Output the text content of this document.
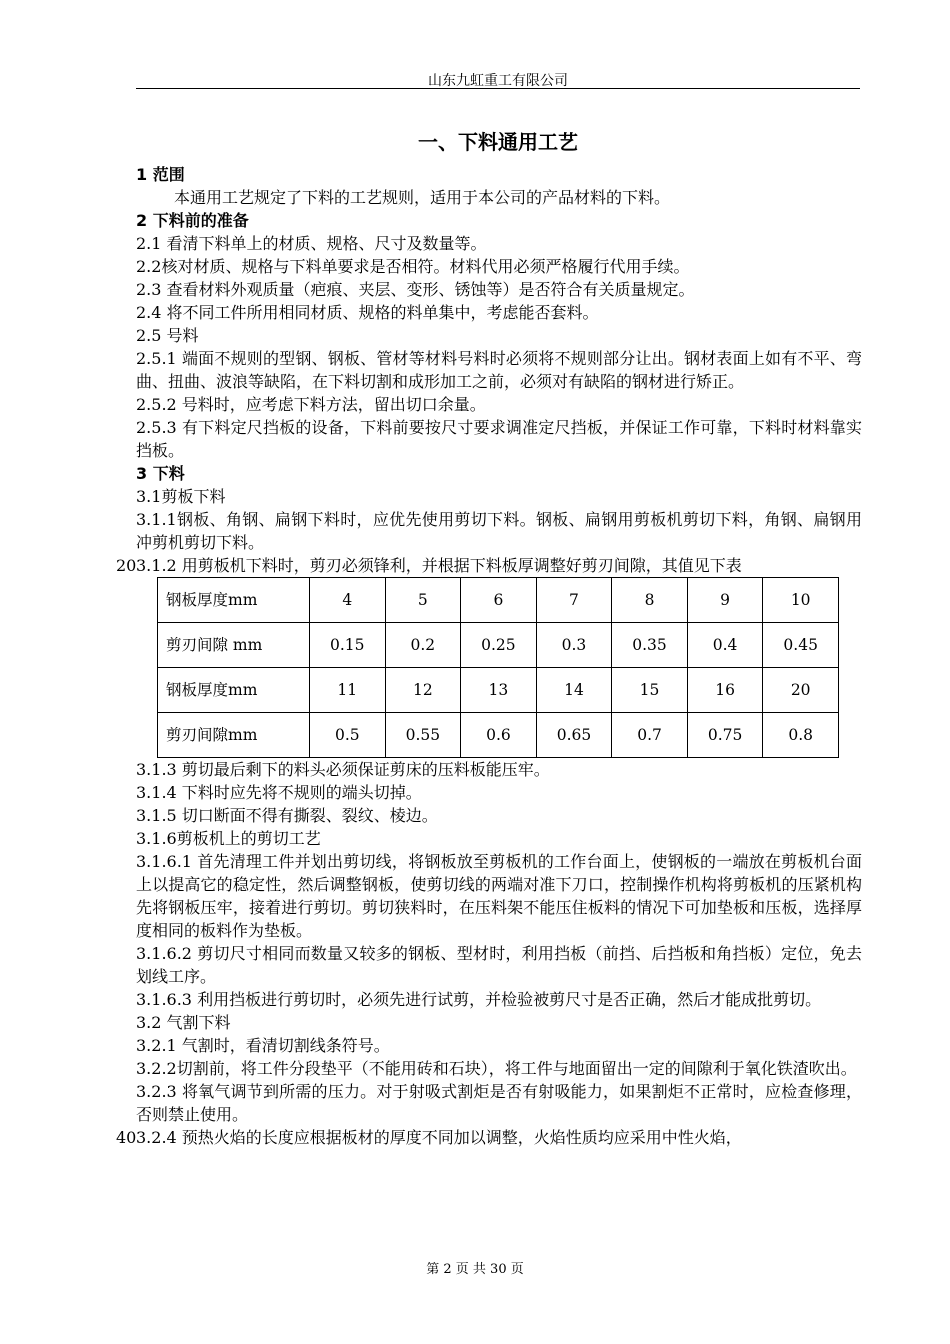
山东九虹重工有限公司
一、下料通用工艺

1 范围

本通用工艺规定了下料的工艺规则，适用于本公司的产品材料的下料。

2 下料前的准备

2.1 看清下料单上的材质、规格、尺寸及数量等。

2.2核对材质、规格与下料单要求是否相符。材料代用必须严格履行代用手续。

2.3 查看材料外观质量（疤痕、夹层、变形、锈蚀等）是否符合有关质量规定。

2.4 将不同工件所用相同材质、规格的料单集中，考虑能否套料。

2.5 号料

2.5.1 端面不规则的型钢、钢板、管材等材料号料时必须将不规则部分让出。钢材表面上如有不平、弯曲、扭曲、波浪等缺陷，在下料切割和成形加工之前，必须对有缺陷的钢材进行矫正。

2.5.2 号料时，应考虑下料方法，留出切口余量。

2.5.3 有下料定尺挡板的设备，下料前要按尺寸要求调准定尺挡板，并保证工作可靠，下料时材料靠实挡板。

3 下料

3.1剪板下料

3.1.1钢板、角钢、扁钢下料时，应优先使用剪切下料。钢板、扁钢用剪板机剪切下料，角钢、扁钢用冲剪机剪切下料。

20 3.1.2 用剪板机下料时，剪刃必须锋利，并根据下料板厚调整好剪刃间隙，其值见下表

钢板厚度mm	4	5	6	7	8	9	10
剪刃间隙 mm	0.15	0.2	0.25	0.3	0.35	0.4	0.45
钢板厚度mm	11	12	13	14	15	16	20
剪刃间隙mm	0.5	0.55	0.6	0.65	0.7	0.75	0.8

3.1.3 剪切最后剩下的料头必须保证剪床的压料板能压牢。

3.1.4 下料时应先将不规则的端头切掉。

3.1.5 切口断面不得有撕裂、裂纹、棱边。

3.1.6剪板机上的剪切工艺

3.1.6.1 首先清理工件并划出剪切线，将钢板放至剪板机的工作台面上，使钢板的一端放在剪板机台面上以提高它的稳定性，然后调整钢板，使剪切线的两端对准下刀口，控制操作机构将剪板机的压紧机构先将钢板压牢，接着进行剪切。剪切狭料时，在压料架不能压住板料的情况下可加垫板和压板，选择厚度相同的板料作为垫板。

3.1.6.2 剪切尺寸相同而数量又较多的钢板、型材时，利用挡板（前挡、后挡板和角挡板）定位，免去划线工序。

3.1.6.3 利用挡板进行剪切时，必须先进行试剪，并检验被剪尺寸是否正确，然后才能成批剪切。

3.2 气割下料

3.2.1 气割时，看清切割线条符号。

3.2.2切割前，将工件分段垫平（不能用砖和石块），将工件与地面留出一定的间隙利于氧化铁渣吹出。

3.2.3 将氧气调节到所需的压力。对于射吸式割炬是否有射吸能力，如果割炬不正常时，应检查修理，否则禁止使用。

40 3.2.4 预热火焰的长度应根据板材的厚度不同加以调整，火焰性质均应采用中性火焰，

第 2 页 共 30 页
